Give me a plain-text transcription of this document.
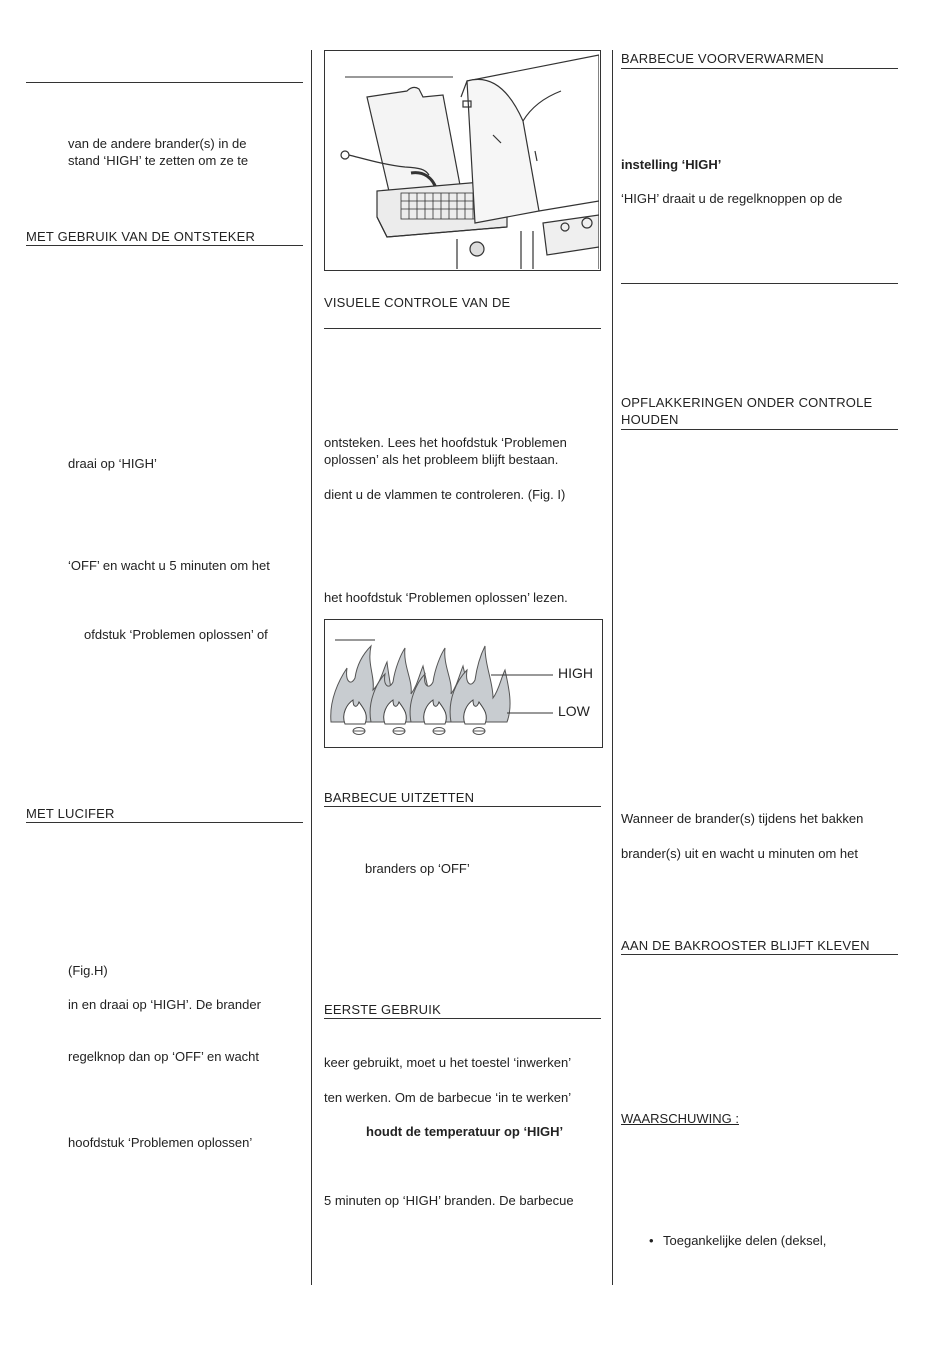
van de andere brander(s) in de
stand ‘HIGH’ te zetten om ze te
MET GEBRUIK VAN DE ONTSTEKER
draai op ‘HIGH’
‘OFF’ en wacht u 5 minuten om het
ofdstuk ‘Problemen oplossen’ of
MET LUCIFER
(Fig.H)
in en draai op ‘HIGH’. De brander
regelknop dan op ‘OFF’ en wacht
hoofdstuk ‘Problemen oplossen’
VISUELE CONTROLE VAN DE
ontsteken. Lees het hoofdstuk ‘Problemen
oplossen’ als het probleem blijft bestaan.
dient u de vlammen te controleren. (Fig. I)
het hoofdstuk ‘Problemen oplossen’ lezen.
HIGH
LOW
BARBECUE UITZETTEN
branders op ‘OFF’
EERSTE GEBRUIK
keer gebruikt, moet u het toestel ‘inwerken’
ten werken. Om de barbecue ‘in te werken’
houdt de temperatuur op ‘HIGH’
5 minuten op ‘HIGH’ branden. De barbecue
BARBECUE VOORVERWARMEN
instelling ‘HIGH’
‘HIGH’ draait u de regelknoppen op de
OPFLAKKERINGEN ONDER CONTROLE
HOUDEN
Wanneer de brander(s) tijdens het bakken
brander(s) uit en wacht u minuten om het
AAN DE BAKROOSTER BLIJFT KLEVEN
WAARSCHUWING :
• Toegankelijke delen (deksel,
